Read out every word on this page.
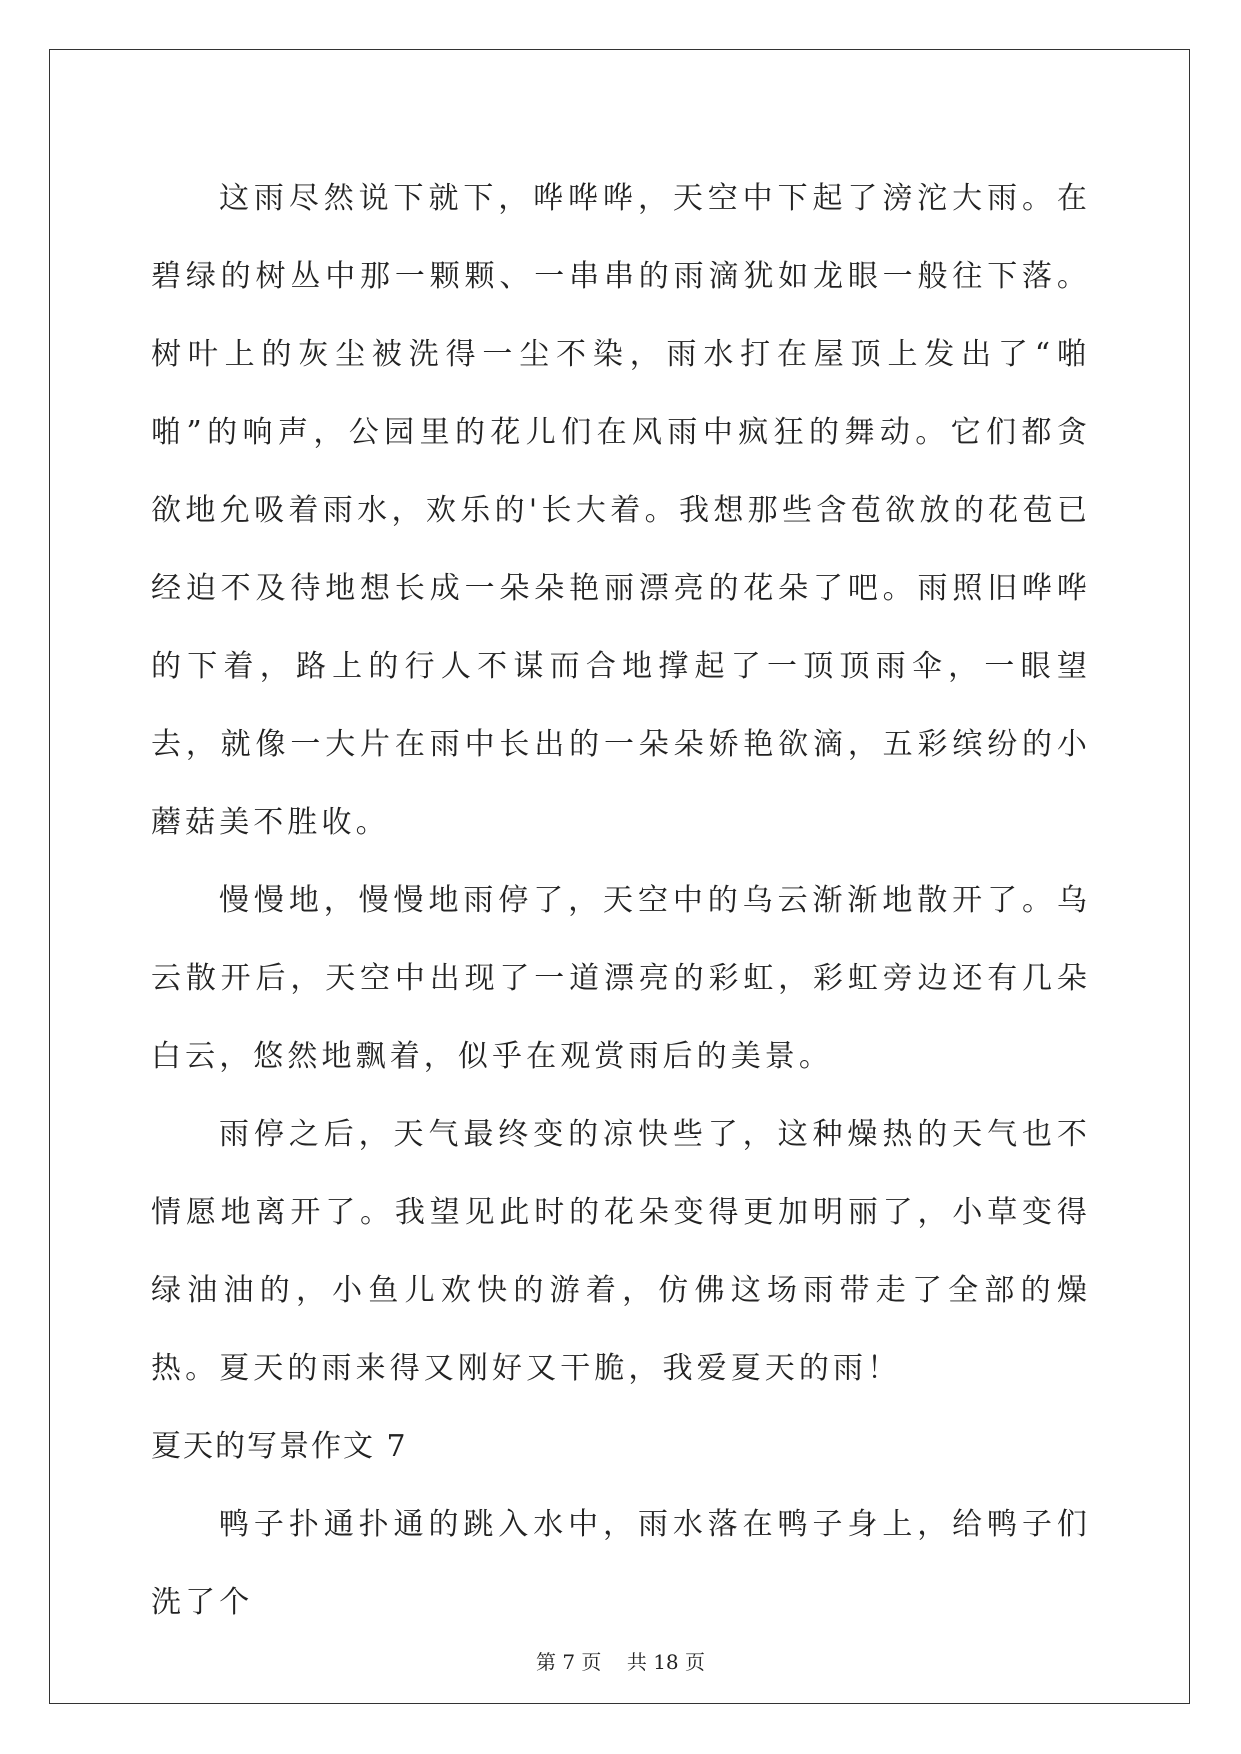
这雨尽然说下就下，哗哗哗，天空中下起了滂沱大雨。在碧绿的树丛中那一颗颗、一串串的雨滴犹如龙眼一般往下落。树叶上的灰尘被洗得一尘不染，雨水打在屋顶上发出了“啪啪”的响声，公园里的花儿们在风雨中疯狂的舞动。它们都贪欲地允吸着雨水，欢乐的'长大着。我想那些含苞欲放的花苞已经迫不及待地想长成一朵朵艳丽漂亮的花朵了吧。雨照旧哗哗的下着，路上的行人不谋而合地撑起了一顶顶雨伞，一眼望去，就像一大片在雨中长出的一朵朵娇艳欲滴，五彩缤纷的小蘑菇美不胜收。

慢慢地，慢慢地雨停了，天空中的乌云渐渐地散开了。乌云散开后，天空中出现了一道漂亮的彩虹，彩虹旁边还有几朵白云，悠然地飘着，似乎在观赏雨后的美景。

雨停之后，天气最终变的凉快些了，这种燥热的天气也不情愿地离开了。我望见此时的花朵变得更加明丽了，小草变得绿油油的，小鱼儿欢快的游着，仿佛这场雨带走了全部的燥热。夏天的雨来得又刚好又干脆，我爱夏天的雨！

夏天的写景作文 7

鸭子扑通扑通的跳入水中，雨水落在鸭子身上，给鸭子们洗了个

第 7 页    共 18 页
